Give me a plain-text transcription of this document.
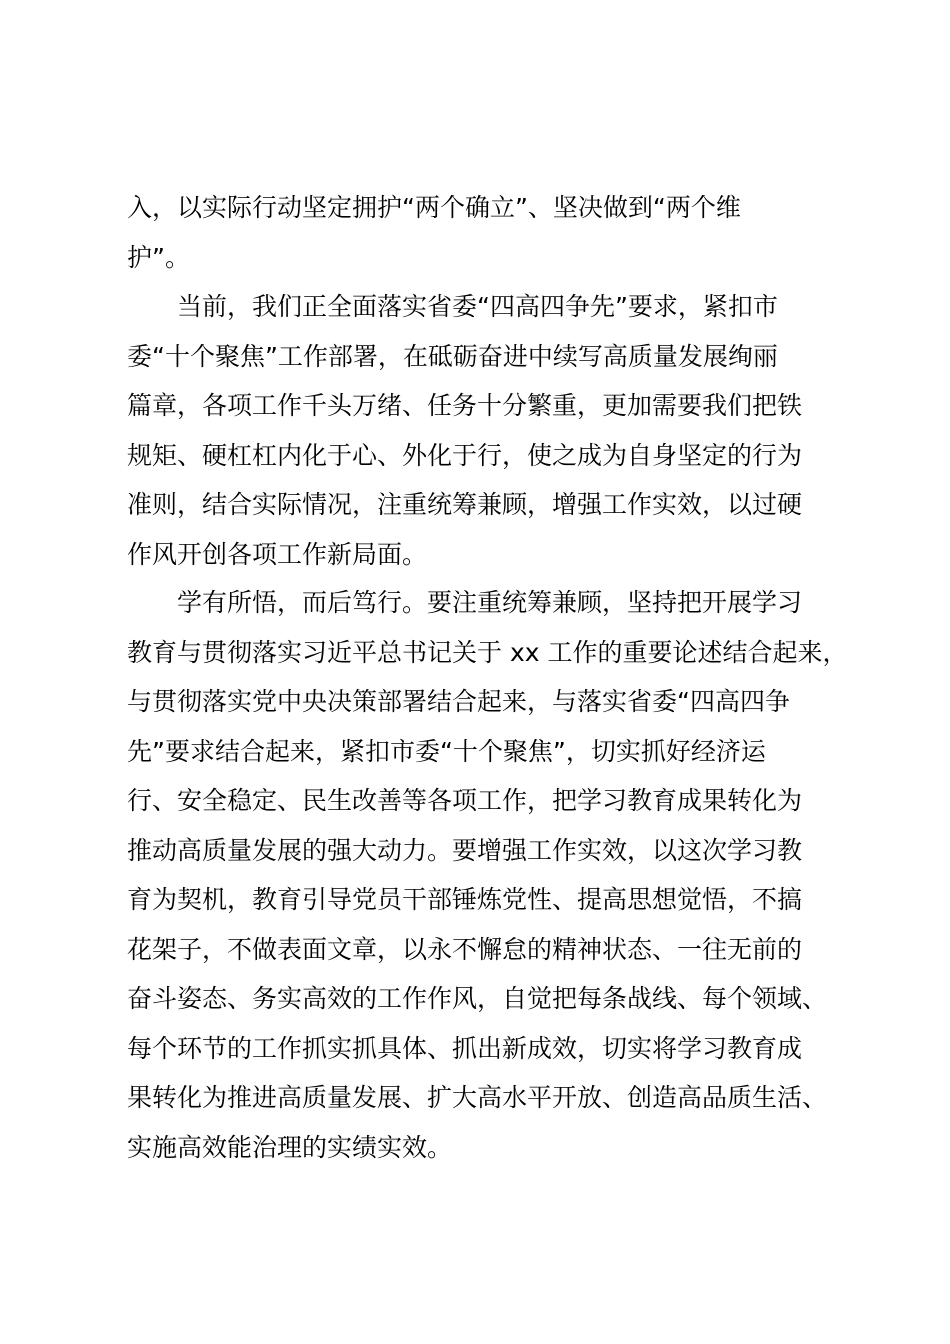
入，以实际行动坚定拥护“两个确立”、坚决做到“两个维
护”。
当前，我们正全面落实省委“四高四争先”要求，紧扣市
委“十个聚焦”工作部署，在砥砺奋进中续写高质量发展绚丽
篇章，各项工作千头万绪、任务十分繁重，更加需要我们把铁
规矩、硬杠杠内化于心、外化于行，使之成为自身坚定的行为
准则，结合实际情况，注重统筹兼顾，增强工作实效，以过硬
作风开创各项工作新局面。
学有所悟，而后笃行。要注重统筹兼顾，坚持把开展学习
教育与贯彻落实习近平总书记关于 xx 工作的重要论述结合起来，
与贯彻落实党中央决策部署结合起来，与落实省委“四高四争
先”要求结合起来，紧扣市委“十个聚焦”，切实抓好经济运
行、安全稳定、民生改善等各项工作，把学习教育成果转化为
推动高质量发展的强大动力。要增强工作实效，以这次学习教
育为契机，教育引导党员干部锤炼党性、提高思想觉悟，不搞
花架子，不做表面文章，以永不懈怠的精神状态、一往无前的
奋斗姿态、务实高效的工作作风，自觉把每条战线、每个领域、
每个环节的工作抓实抓具体、抓出新成效，切实将学习教育成
果转化为推进高质量发展、扩大高水平开放、创造高品质生活、
实施高效能治理的实绩实效。
